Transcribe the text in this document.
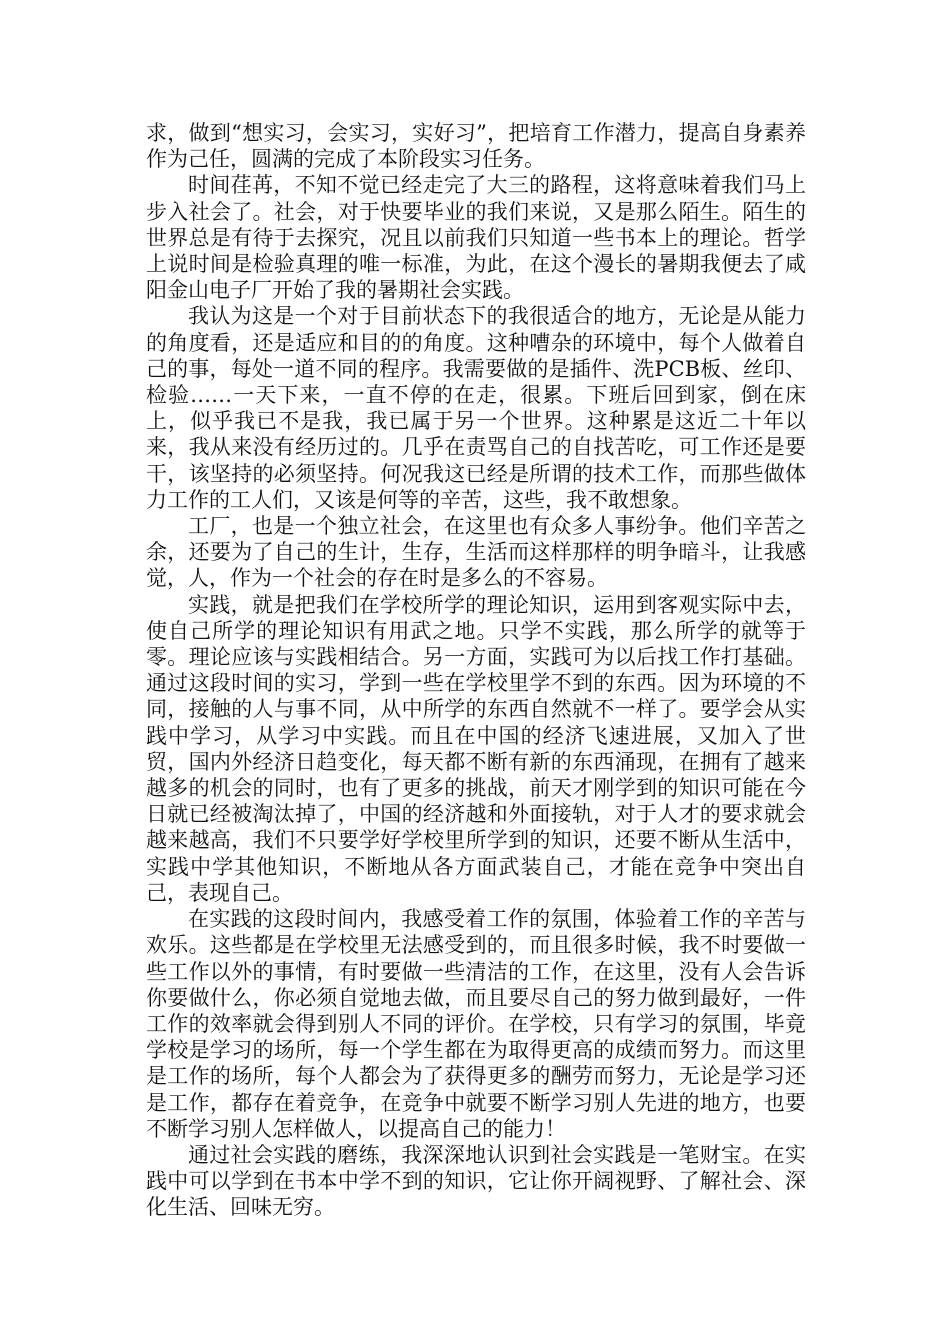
求，做到“想实习，会实习，实好习”，把培育工作潜力，提高自身素养作为己任，圆满的完成了本阶段实习任务。

时间荏苒，不知不觉已经走完了大三的路程，这将意味着我们马上步入社会了。社会，对于快要毕业的我们来说，又是那么陌生。陌生的世界总是有待于去探究，况且以前我们只知道一些书本上的理论。哲学上说时间是检验真理的唯一标准，为此，在这个漫长的暑期我便去了咸阳金山电子厂开始了我的暑期社会实践。

我认为这是一个对于目前状态下的我很适合的地方，无论是从能力的角度看，还是适应和目的的角度。这种嘈杂的环境中，每个人做着自己的事，每处一道不同的程序。我需要做的是插件、洗PCB板、丝印、检验……一天下来，一直不停的在走，很累。下班后回到家，倒在床上，似乎我已不是我，我已属于另一个世界。这种累是这近二十年以来，我从来没有经历过的。几乎在责骂自己的自找苦吃，可工作还是要干，该坚持的必须坚持。何况我这已经是所谓的技术工作，而那些做体力工作的工人们，又该是何等的辛苦，这些，我不敢想象。

工厂，也是一个独立社会，在这里也有众多人事纷争。他们辛苦之余，还要为了自己的生计，生存，生活而这样那样的明争暗斗，让我感觉，人，作为一个社会的存在时是多么的不容易。

实践，就是把我们在学校所学的理论知识，运用到客观实际中去，使自己所学的理论知识有用武之地。只学不实践，那么所学的就等于零。理论应该与实践相结合。另一方面，实践可为以后找工作打基础。通过这段时间的实习，学到一些在学校里学不到的东西。因为环境的不同，接触的人与事不同，从中所学的东西自然就不一样了。要学会从实践中学习，从学习中实践。而且在中国的经济飞速进展，又加入了世贸，国内外经济日趋变化，每天都不断有新的东西涌现，在拥有了越来越多的机会的同时，也有了更多的挑战，前天才刚学到的知识可能在今日就已经被淘汰掉了，中国的经济越和外面接轨，对于人才的要求就会越来越高，我们不只要学好学校里所学到的知识，还要不断从生活中，实践中学其他知识，不断地从各方面武装自己，才能在竞争中突出自己，表现自己。

在实践的这段时间内，我感受着工作的氛围，体验着工作的辛苦与欢乐。这些都是在学校里无法感受到的，而且很多时候，我不时要做一些工作以外的事情，有时要做一些清洁的工作，在这里，没有人会告诉你要做什么，你必须自觉地去做，而且要尽自己的努力做到最好，一件工作的效率就会得到别人不同的评价。在学校，只有学习的氛围，毕竟学校是学习的场所，每一个学生都在为取得更高的成绩而努力。而这里是工作的场所，每个人都会为了获得更多的酬劳而努力，无论是学习还是工作，都存在着竞争，在竞争中就要不断学习别人先进的地方，也要不断学习别人怎样做人，以提高自己的能力！

通过社会实践的磨练，我深深地认识到社会实践是一笔财宝。在实践中可以学到在书本中学不到的知识，它让你开阔视野、了解社会、深化生活、回味无穷。
